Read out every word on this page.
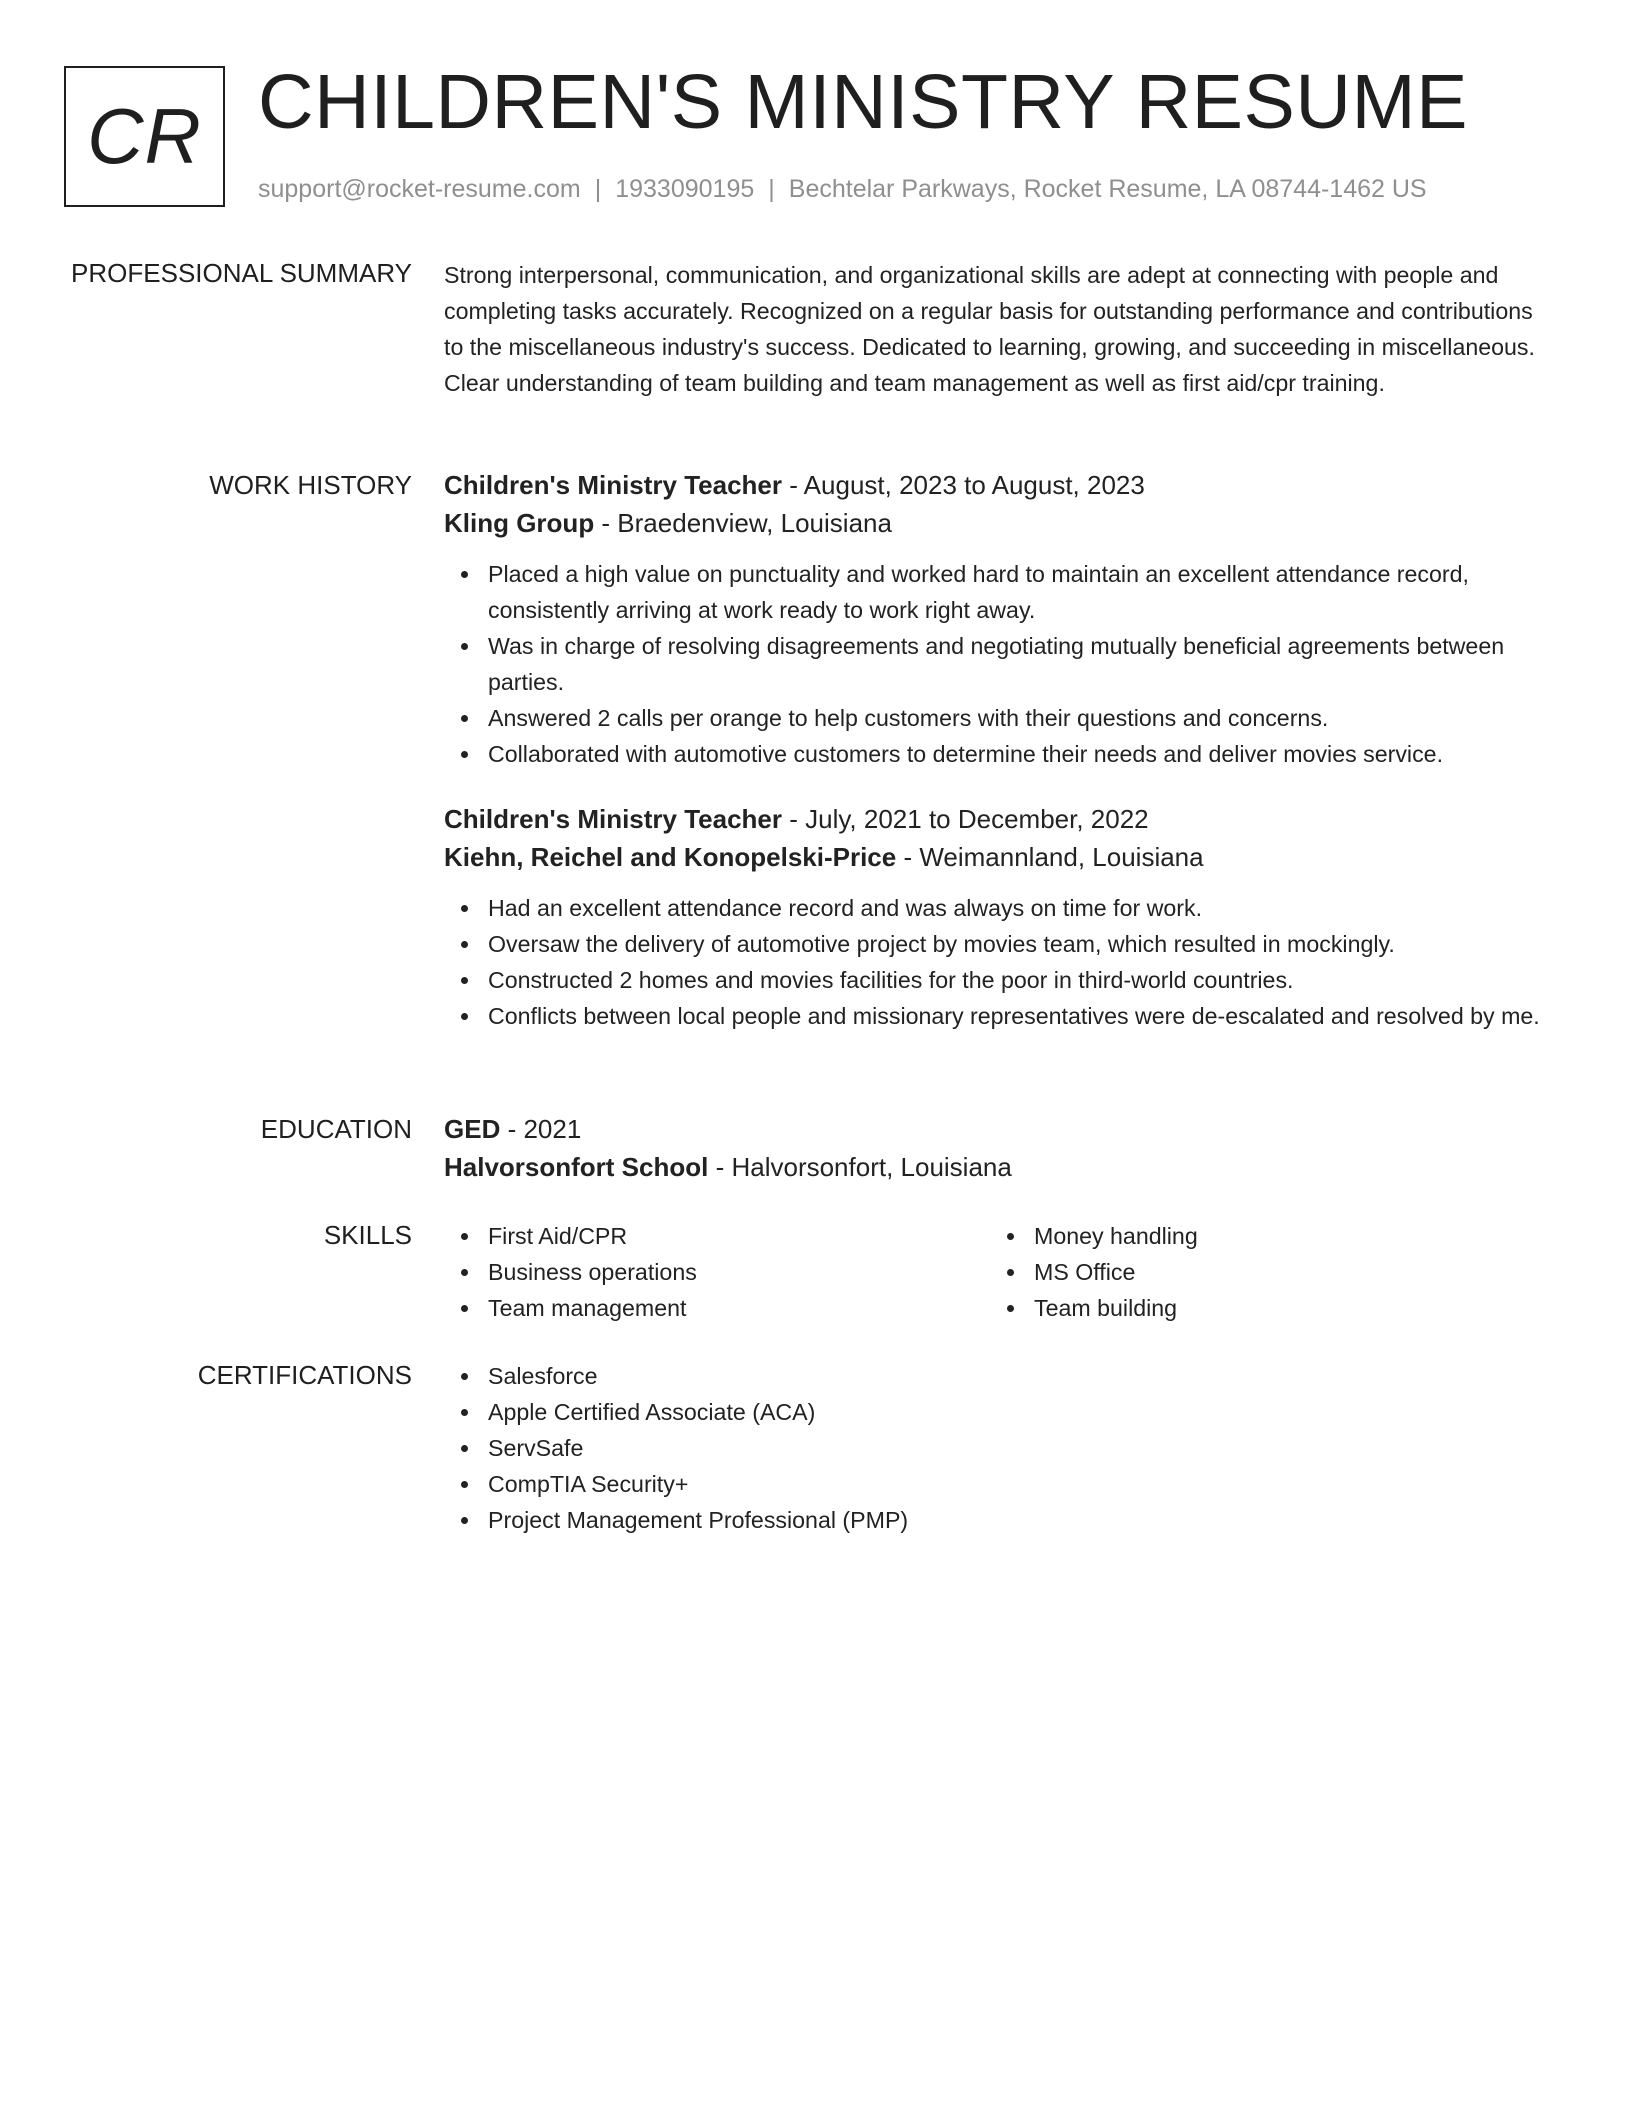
CR CHILDREN'S MINISTRY RESUME
support@rocket-resume.com | 1933090195 | Bechtelar Parkways, Rocket Resume, LA 08744-1462 US
PROFESSIONAL SUMMARY Strong interpersonal, communication, and organizational skills are adept at connecting with people and completing tasks accurately. Recognized on a regular basis for outstanding performance and contributions to the miscellaneous industry's success. Dedicated to learning, growing, and succeeding in miscellaneous. Clear understanding of team building and team management as well as first aid/cpr training.

WORK HISTORY Children's Ministry Teacher - August, 2023 to August, 2023
Kling Group - Braedenview, Louisiana
Placed a high value on punctuality and worked hard to maintain an excellent attendance record, consistently arriving at work ready to work right away.
Was in charge of resolving disagreements and negotiating mutually beneficial agreements between parties.
Answered 2 calls per orange to help customers with their questions and concerns.
Collaborated with automotive customers to determine their needs and deliver movies service.
Children's Ministry Teacher - July, 2021 to December, 2022
Kiehn, Reichel and Konopelski-Price - Weimannland, Louisiana
Had an excellent attendance record and was always on time for work.
Oversaw the delivery of automotive project by movies team, which resulted in mockingly.
Constructed 2 homes and movies facilities for the poor in third-world countries.
Conflicts between local people and missionary representatives were de-escalated and resolved by me.
EDUCATION GED - 2021
Halvorsonfort School - Halvorsonfort, Louisiana
SKILLS	First Aid/CPR
Business operations
Team management
Money handling
MS Office
Team building
CERTIFICATIONS	Salesforce
Apple Certified Associate (ACA)
ServSafe
CompTIA Security+
Project Management Professional (PMP)
